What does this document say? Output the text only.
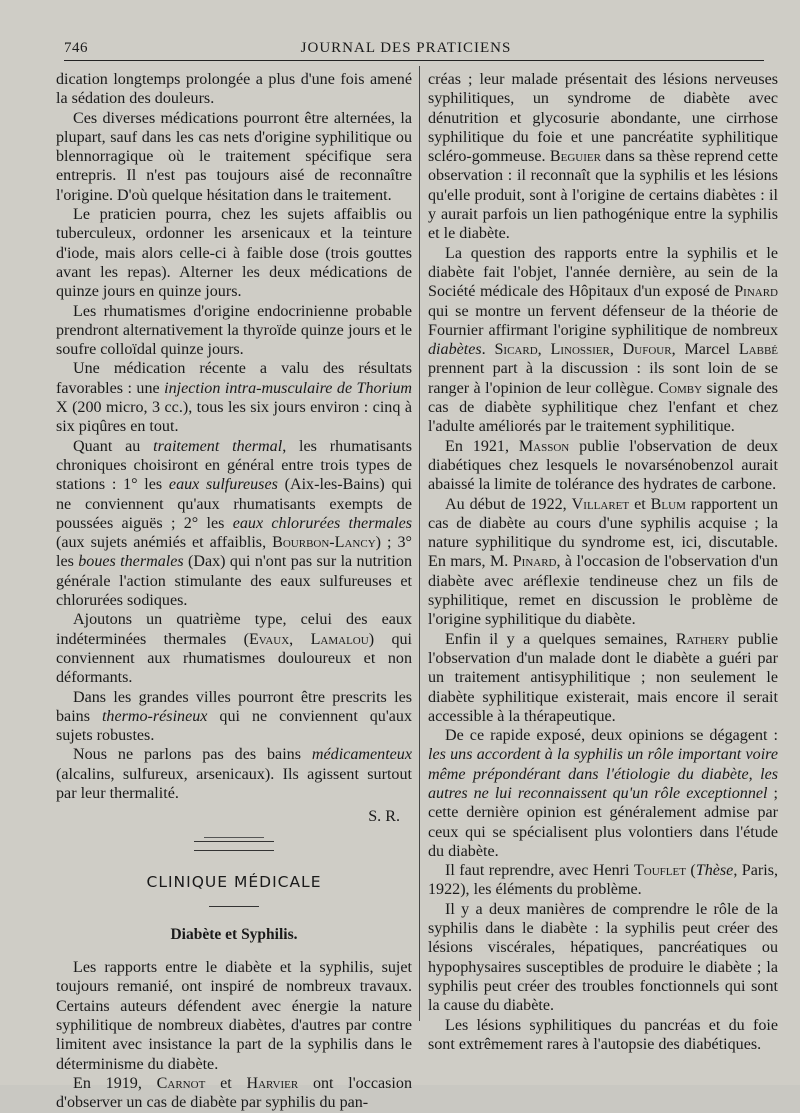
746	JOURNAL DES PRATICIENS

dication longtemps prolongée a plus d'une fois amené la sédation des douleurs.

Ces diverses médications pourront être alternées, la plupart, sauf dans les cas nets d'origine syphilitique ou blennorragique où le traitement spécifique sera entrepris. Il n'est pas toujours aisé de reconnaître l'origine. D'où quelque hésitation dans le traitement.

Le praticien pourra, chez les sujets affaiblis ou tuberculeux, ordonner les arsenicaux et la teinture d'iode, mais alors celle-ci à faible dose (trois gouttes avant les repas). Alterner les deux médications de quinze jours en quinze jours.

Les rhumatismes d'origine endocrinienne probable prendront alternativement la thyroïde quinze jours et le soufre colloïdal quinze jours.

Une médication récente a valu des résultats favorables : une injection intra-musculaire de Thorium X (200 micro, 3 cc.), tous les six jours environ : cinq à six piqûres en tout.

Quant au traitement thermal, les rhumatisants chroniques choisiront en général entre trois types de stations : 1° les eaux sulfureuses (Aix-les-Bains) qui ne conviennent qu'aux rhumatisants exempts de poussées aiguës ; 2° les eaux chlorurées thermales (aux sujets anémiés et affaiblis, Bourbon-Lancy) ; 3° les boues thermales (Dax) qui n'ont pas sur la nutrition générale l'action stimulante des eaux sulfureuses et chlorurées sodiques.

Ajoutons un quatrième type, celui des eaux indéterminées thermales (Evaux, Lamalou) qui conviennent aux rhumatismes douloureux et non déformants.

Dans les grandes villes pourront être prescrits les bains thermo-résineux qui ne conviennent qu'aux sujets robustes.

Nous ne parlons pas des bains médicamenteux (alcalins, sulfureux, arsenicaux). Ils agissent surtout par leur thermalité.

S. R.
CLINIQUE MÉDICALE
Diabète et Syphilis.

Les rapports entre le diabète et la syphilis, sujet toujours remanié, ont inspiré de nombreux travaux. Certains auteurs défendent avec énergie la nature syphilitique de nombreux diabètes, d'autres par contre limitent avec insistance la part de la syphilis dans le déterminisme du diabète.

En 1919, Carnot et Harvier ont l'occasion d'observer un cas de diabète par syphilis du pan-

créas ; leur malade présentait des lésions nerveuses syphilitiques, un syndrome de diabète avec dénutrition et glycosurie abondante, une cirrhose syphilitique du foie et une pancréatite syphilitique scléro-gommeuse. Beguier dans sa thèse reprend cette observation : il reconnaît que la syphilis et les lésions qu'elle produit, sont à l'origine de certains diabètes : il y aurait parfois un lien pathogénique entre la syphilis et le diabète.

La question des rapports entre la syphilis et le diabète fait l'objet, l'année dernière, au sein de la Société médicale des Hôpitaux d'un exposé de Pinard qui se montre un fervent défenseur de la théorie de Fournier affirmant l'origine syphilitique de nombreux diabètes. Sicard, Linossier, Dufour, Marcel Labbé prennent part à la discussion : ils sont loin de se ranger à l'opinion de leur collègue. Comby signale des cas de diabète syphilitique chez l'enfant et chez l'adulte améliorés par le traitement syphilitique.

En 1921, Masson publie l'observation de deux diabétiques chez lesquels le novarsénobenzol aurait abaissé la limite de tolérance des hydrates de carbone.

Au début de 1922, Villaret et Blum rapportent un cas de diabète au cours d'une syphilis acquise ; la nature syphilitique du syndrome est, ici, discutable. En mars, M. Pinard, à l'occasion de l'observation d'un diabète avec aréflexie tendineuse chez un fils de syphilitique, remet en discussion le problème de l'origine syphilitique du diabète.

Enfin il y a quelques semaines, Rathery publie l'observation d'un malade dont le diabète a guéri par un traitement antisyphilitique ; non seulement le diabète syphilitique existerait, mais encore il serait accessible à la thérapeutique.

De ce rapide exposé, deux opinions se dégagent : les uns accordent à la syphilis un rôle important voire même prépondérant dans l'étiologie du diabète, les autres ne lui reconnaissent qu'un rôle exceptionnel ; cette dernière opinion est généralement admise par ceux qui se spécialisent plus volontiers dans l'étude du diabète.

Il faut reprendre, avec Henri Touflet (Thèse, Paris, 1922), les éléments du problème.

Il y a deux manières de comprendre le rôle de la syphilis dans le diabète : la syphilis peut créer des lésions viscérales, hépatiques, pancréatiques ou hypophysaires susceptibles de produire le diabète ; la syphilis peut créer des troubles fonctionnels qui sont la cause du diabète.

Les lésions syphilitiques du pancréas et du foie sont extrêmement rares à l'autopsie des diabétiques.
